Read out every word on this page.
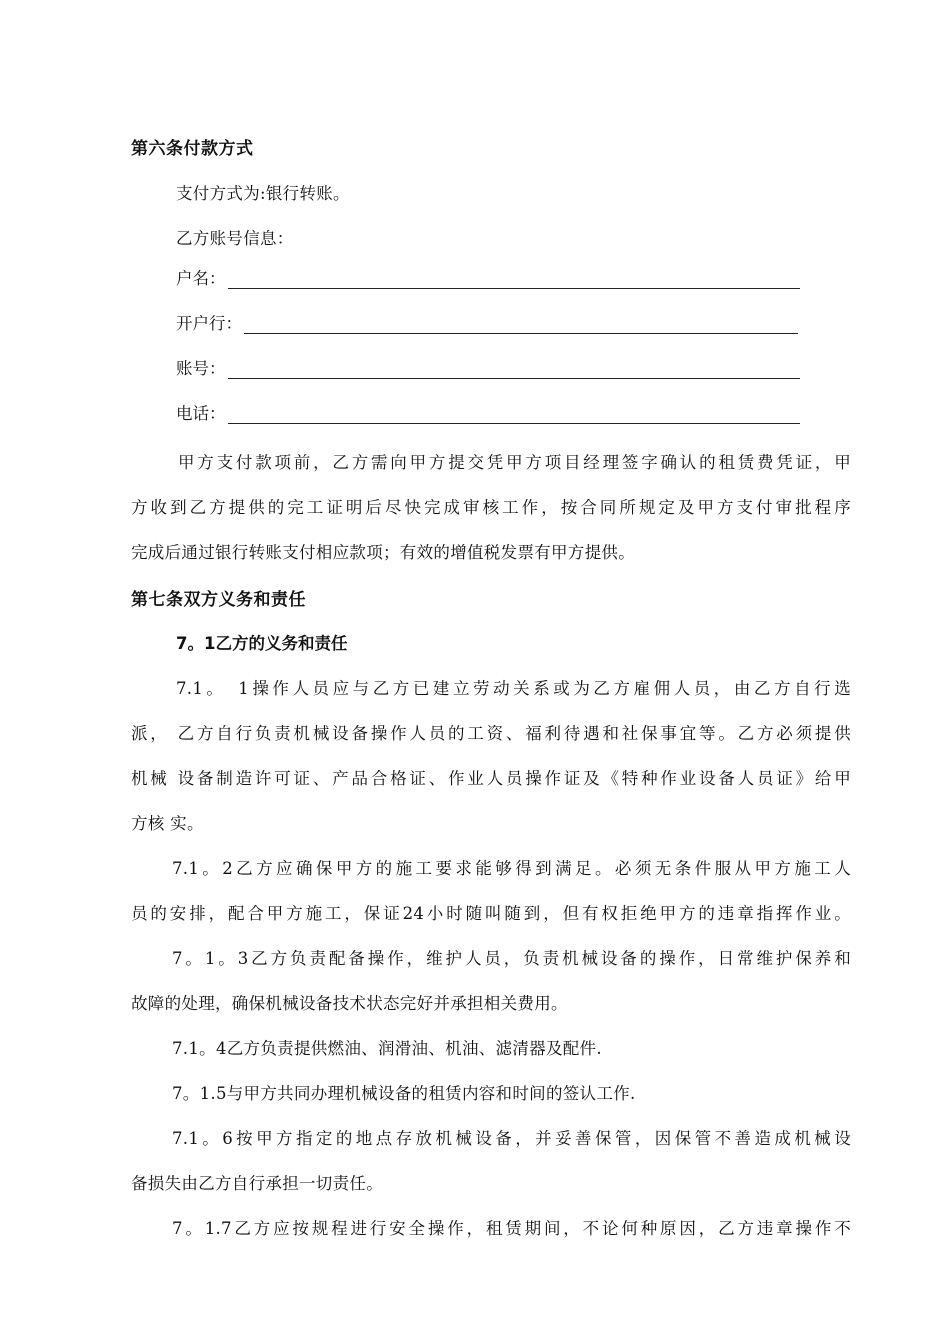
第六条付款方式
支付方式为:银行转账。
乙方账号信息：
户名：
开户行：
账号：
电话：
甲方支付款项前，乙方需向甲方提交凭甲方项目经理签字确认的租赁费凭证，甲
方收到乙方提供的完工证明后尽快完成审核工作，按合同所规定及甲方支付审批程序
完成后通过银行转账支付相应款项；有效的增值税发票有甲方提供。
第七条双方义务和责任
7。1乙方的义务和责任
7.1。　1操作人员应与乙方已建立劳动关系或为乙方雇佣人员，由乙方自行选
派， 乙方自行负责机械设备操作人员的工资、福利待遇和社保事宜等。乙方必须提供
机械 设备制造许可证、产品合格证、作业人员操作证及《特种作业设备人员证》给甲
方核 实。
7.1。2乙方应确保甲方的施工要求能够得到满足。必须无条件服从甲方施工人
员的安排，配合甲方施工，保证24小时随叫随到，但有权拒绝甲方的违章指挥作业。
7。1。3乙方负责配备操作，维护人员，负责机械设备的操作，日常维护保养和
故障的处理，确保机械设备技术状态完好并承担相关费用。
7.1。4乙方负责提供燃油、润滑油、机油、滤清器及配件.
7。1.5与甲方共同办理机械设备的租赁内容和时间的签认工作.
7.1。6按甲方指定的地点存放机械设备，并妥善保管，因保管不善造成机械设
备损失由乙方自行承担一切责任。
7。1.7乙方应按规程进行安全操作，租赁期间，不论何种原因，乙方违章操作不
